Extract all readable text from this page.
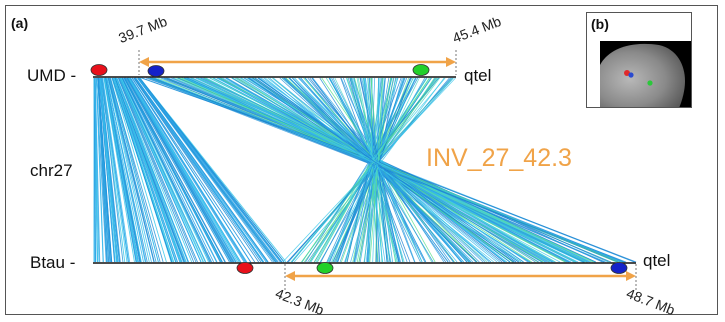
(a)
UMD -
chr27
Btau -
qtel
qtel
39.7 Mb	45.4 Mb
42.3 Mb	48.7 Mb
INV_27_42.3
(b)
